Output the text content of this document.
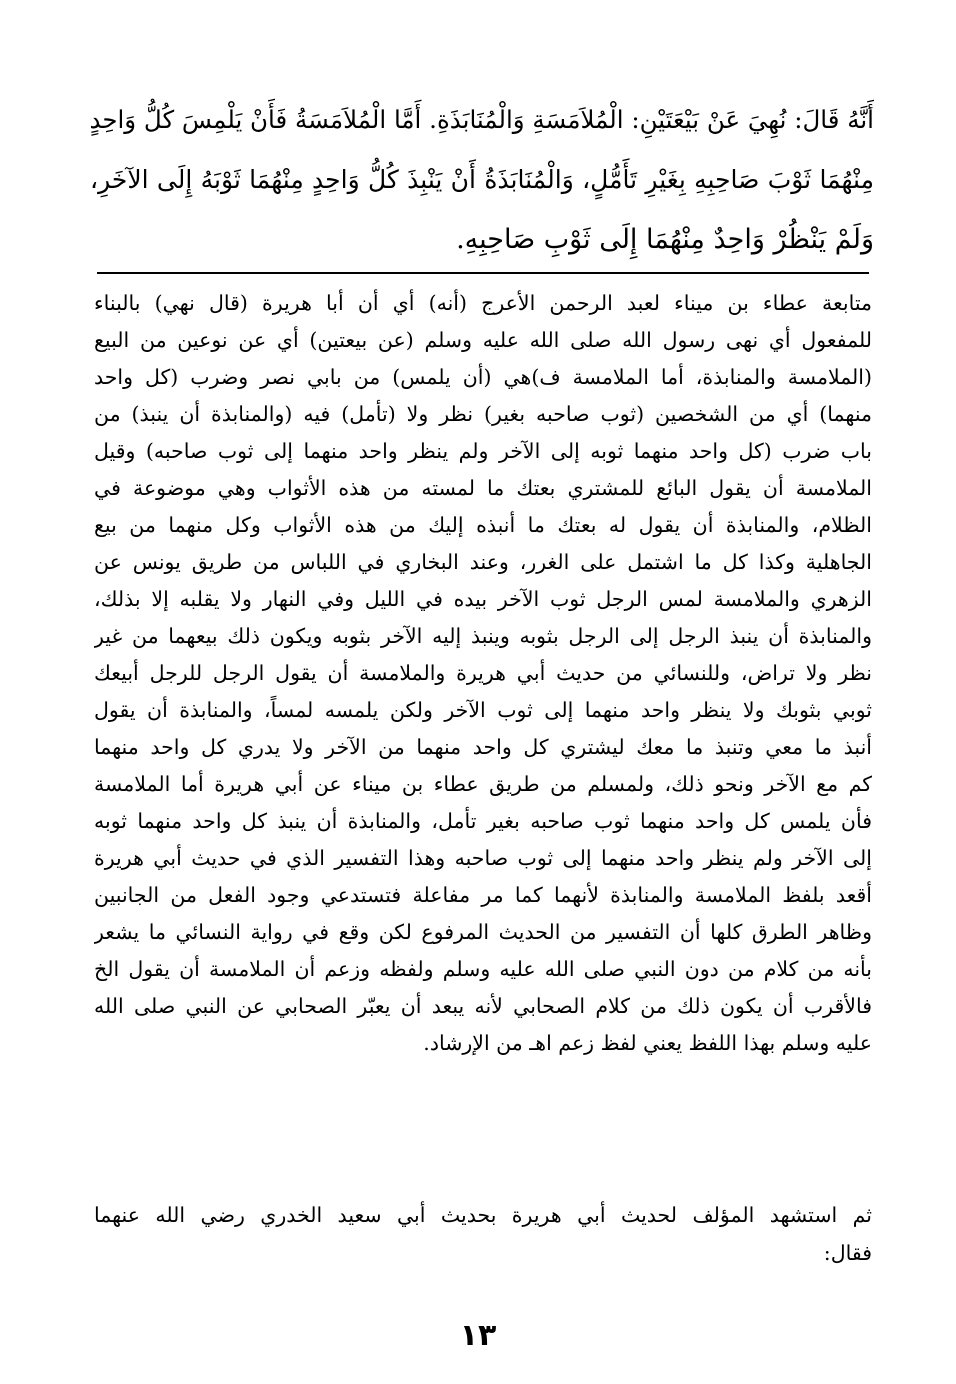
أَنَّهُ قَالَ: نُهِيَ عَنْ بَيْعَتَيْنِ: الْمُلاَمَسَةِ وَالْمُنَابَذَةِ. أَمَّا الْمُلاَمَسَةُ فَأَنْ يَلْمِسَ كُلُّ وَاحِدٍ
مِنْهُمَا ثَوْبَ صَاحِبِهِ بِغَيْرِ تَأَمُّلٍ، وَالْمُنَابَذَةُ أَنْ يَنْبِذَ كُلُّ وَاحِدٍ مِنْهُمَا ثَوْبَهُ إِلَى الآخَرِ،
وَلَمْ يَنْظُرْ وَاحِدٌ مِنْهُمَا إِلَى ثَوْبِ صَاحِبِهِ.
متابعة عطاء بن ميناء لعبد الرحمن الأعرج (أنه) أي أن أبا هريرة (قال نهي) بالبناء
للمفعول أي نهى رسول الله صلى الله عليه وسلم (عن بيعتين) أي عن نوعين من البيع
(الملامسة والمنابذة، أما الملامسة ف)هي (أن يلمس) من بابي نصر وضرب (كل واحد
منهما) أي من الشخصين (ثوب صاحبه بغير) نظر ولا (تأمل) فيه (والمنابذة أن ينبذ) من
باب ضرب (كل واحد منهما ثوبه إلى الآخر ولم ينظر واحد منهما إلى ثوب صاحبه) وقيل
الملامسة أن يقول البائع للمشتري بعتك ما لمسته من هذه الأثواب وهي موضوعة في
الظلام، والمنابذة أن يقول له بعتك ما أنبذه إليك من هذه الأثواب وكل منهما من بيع
الجاهلية وكذا كل ما اشتمل على الغرر، وعند البخاري في اللباس من طريق يونس عن
الزهري والملامسة لمس الرجل ثوب الآخر بيده في الليل وفي النهار ولا يقلبه إلا بذلك،
والمنابذة أن ينبذ الرجل إلى الرجل بثوبه وينبذ إليه الآخر بثوبه ويكون ذلك بيعهما من غير
نظر ولا تراض، وللنسائي من حديث أبي هريرة والملامسة أن يقول الرجل للرجل أبيعك
ثوبي بثوبك ولا ينظر واحد منهما إلى ثوب الآخر ولكن يلمسه لمساً، والمنابذة أن يقول
أنبذ ما معي وتنبذ ما معك ليشتري كل واحد منهما من الآخر ولا يدري كل واحد منهما
كم مع الآخر ونحو ذلك، ولمسلم من طريق عطاء بن ميناء عن أبي هريرة أما الملامسة
فأن يلمس كل واحد منهما ثوب صاحبه بغير تأمل، والمنابذة أن ينبذ كل واحد منهما ثوبه
إلى الآخر ولم ينظر واحد منهما إلى ثوب صاحبه وهذا التفسير الذي في حديث أبي هريرة
أقعد بلفظ الملامسة والمنابذة لأنهما كما مر مفاعلة فتستدعي وجود الفعل من الجانبين
وظاهر الطرق كلها أن التفسير من الحديث المرفوع لكن وقع في رواية النسائي ما يشعر
بأنه من كلام من دون النبي صلى الله عليه وسلم ولفظه وزعم أن الملامسة أن يقول الخ
فالأقرب أن يكون ذلك من كلام الصحابي لأنه يبعد أن يعبّر الصحابي عن النبي صلى الله
عليه وسلم بهذا اللفظ يعني لفظ زعم اهـ من الإرشاد.
ثم استشهد المؤلف لحديث أبي هريرة بحديث أبي سعيد الخدري رضي الله عنهما
فقال:
١٣
